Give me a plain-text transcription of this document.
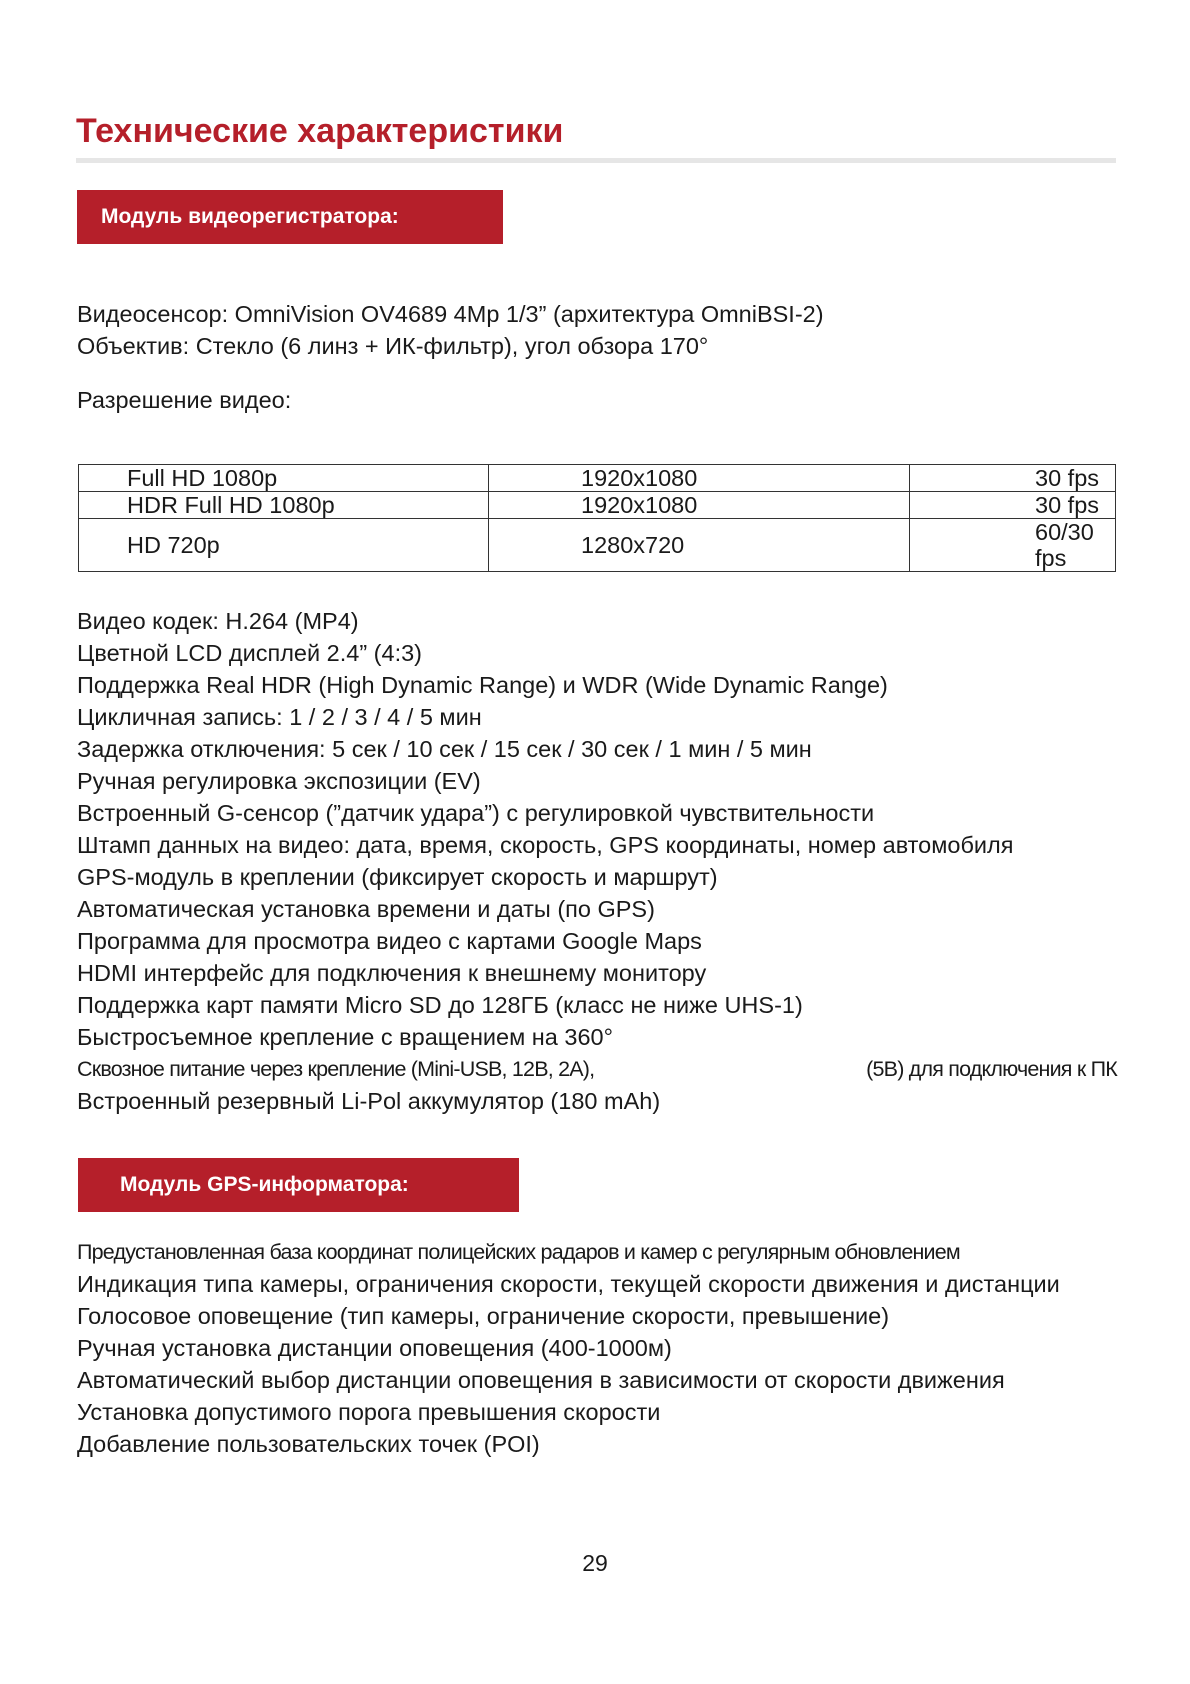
Технические характеристики
Модуль видеорегистратора:

Видеосенсор: OmniVision OV4689 4Mp 1/3” (архитектура OmniBSI-2)

Объектив: Стекло (6 линз + ИК-фильтр), угол обзора 170°

Разрешение видео:

Full HD 1080p	1920x1080	30 fps
HDR Full HD 1080p	1920x1080	30 fps
HD 720p	1280x720	60/30 fps

Видео кодек: H.264 (MP4)

Цветной LCD дисплей 2.4” (4:3)

Поддержка Real HDR (High Dynamic Range) и WDR (Wide Dynamic Range)

Цикличная запись: 1 / 2 / 3 / 4 / 5 мин

Задержка отключения: 5 сек / 10 сек / 15 сек / 30 сек / 1 мин / 5 мин

Ручная регулировка экспозиции (EV)

Встроенный G-сенсор (”датчик удара”) с регулировкой чувствительности

Штамп данных на видео: дата, время, скорость, GPS координаты, номер автомобиля

GPS-модуль в креплении (фиксирует скорость и маршрут)

Автоматическая установка времени и даты (по GPS)

Программа для просмотра видео с картами Google Maps

HDMI интерфейс для подключения к внешнему монитору

Поддержка карт памяти Micro SD до 128ГБ (класс не ниже UHS-1)

Быстросъемное крепление с вращением на 360°

Сквозное питание через крепление (Mini-USB, 12В, 2А),	(5В) для подключения к ПК

Встроенный резервный Li-Pol аккумулятор (180 mAh)

Модуль GPS-информатора:

Предустановленная база координат полицейских радаров и камер с регулярным обновлением

Индикация типа камеры, ограничения скорости, текущей скорости движения и дистанции

Голосовое оповещение (тип камеры, ограничение скорости, превышение)

Ручная установка дистанции оповещения (400-1000м)

Автоматический выбор дистанции оповещения в зависимости от скорости движения

Установка допустимого порога превышения скорости

Добавление пользовательских точек (POI)

29
